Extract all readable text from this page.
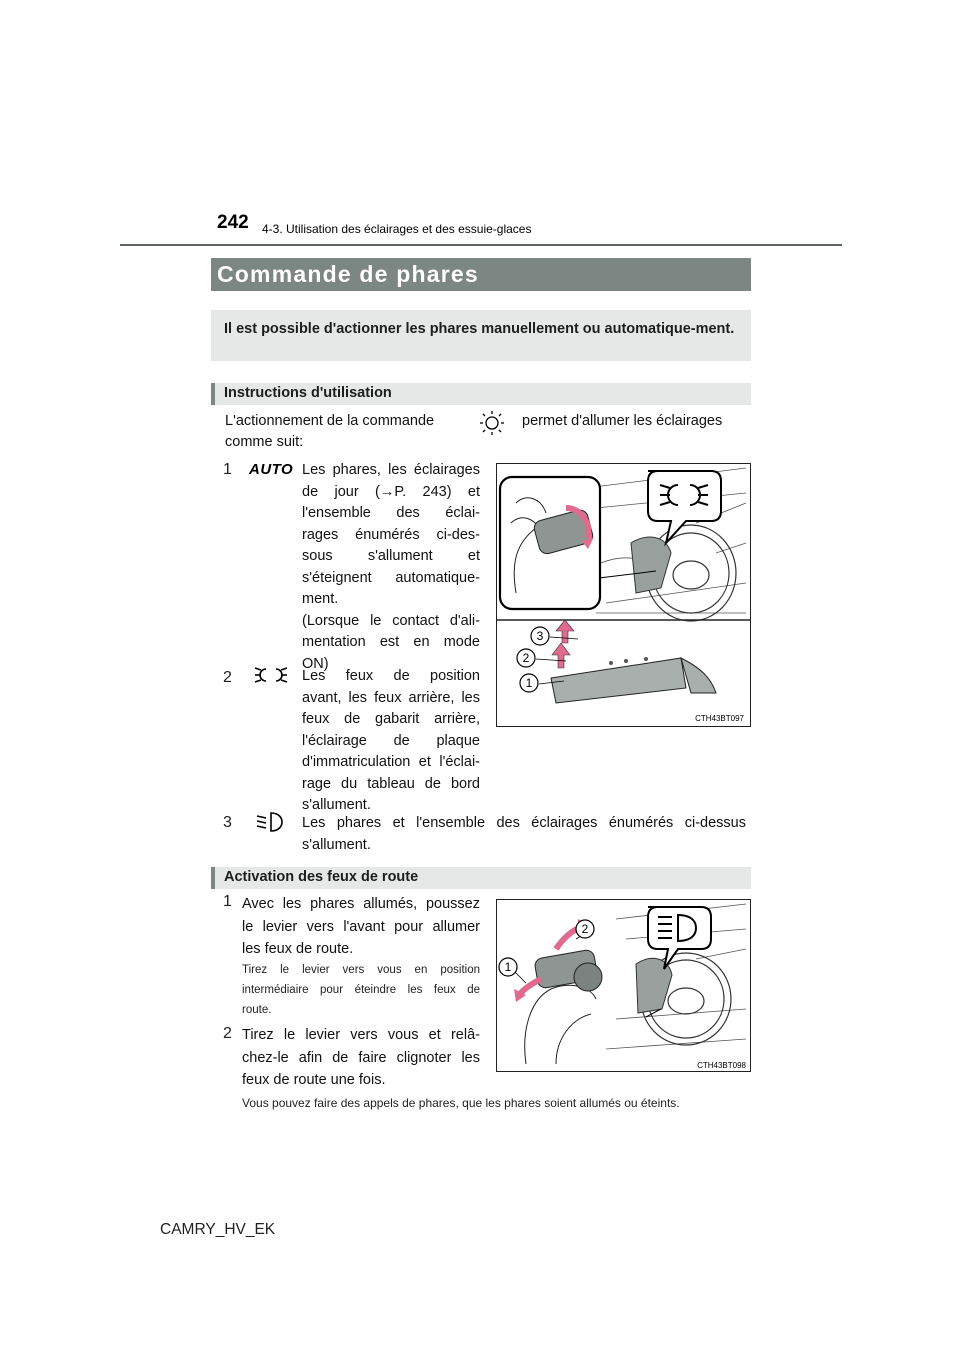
242 4-3. Utilisation des éclairages et des essuie-glaces
Commande de phares
Il est possible d'actionner les phares manuellement ou automatique-ment.
Instructions d'utilisation
L'actionnement de la commande	permet d'allumer les éclairages
comme suit:
1 AUTO Les phares, les éclairages
de jour (→P. 243) et
l'ensemble des éclai-
rages énumérés ci-des-
sous s'allument et
s'éteignent automatique-
ment.
(Lorsque le contact d'ali-
mentation est en mode
ON)
2	Les feux de position
avant, les feux arrière, les
feux de gabarit arrière,
l'éclairage de plaque
d'immatriculation et l'éclai-
rage du tableau de bord
s'allument.
3	Les phares et l'ensemble des éclairages énumérés ci-dessus
s'allument.
3
2
1
CTH43BT097
Activation des feux de route
1 Avec les phares allumés, poussez
le levier vers l'avant pour allumer
les feux de route.
Tirez le levier vers vous en position
intermédiaire pour éteindre les feux de
route.
2 Tirez le levier vers vous et relâ-
chez-le afin de faire clignoter les
feux de route une fois.
2
1
CTH43BT098
Vous pouvez faire des appels de phares, que les phares soient allumés ou éteints.
CAMRY_HV_EK
